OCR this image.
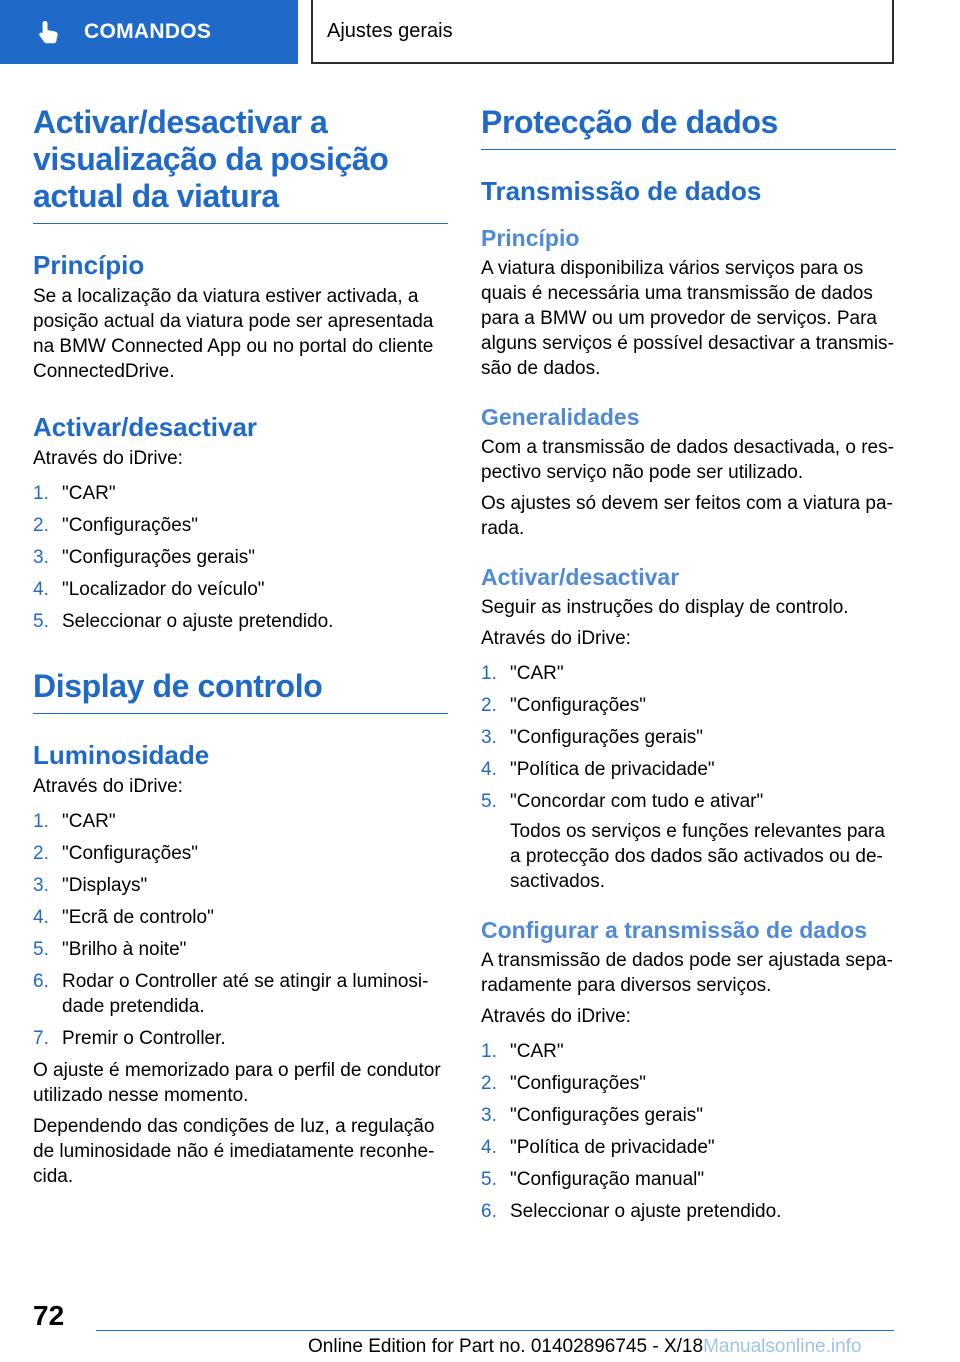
COMANDOS	Ajustes gerais
Activar/desactivar a visualização da posição actual da viatura
Princípio
Se a localização da viatura estiver activada, a posição actual da viatura pode ser apresentada na BMW Connected App ou no portal do cliente ConnectedDrive.
Activar/desactivar
Através do iDrive:
1 . "CAR"
2 . "Configurações"
3 . "Configurações gerais"
4 . "Localizador do veículo"
5 . Seleccionar o ajuste pretendido.
Display de controlo
Luminosidade
Através do iDrive:
1 . "CAR"
2 . "Configurações"
3 . "Displays"
4 . "Ecrã de controlo"
5 . "Brilho à noite"
6 . Rodar o Controller até se atingir a luminosidade pretendida.
7 . Premir o Controller.
O ajuste é memorizado para o perfil de condutor utilizado nesse momento.
Dependendo das condições de luz, a regulação de luminosidade não é imediatamente reconhecida.
Protecção de dados
Transmissão de dados
Princípio
A viatura disponibiliza vários serviços para os quais é necessária uma transmissão de dados para a BMW ou um provedor de serviços. Para alguns serviços é possível desactivar a transmissão de dados.
Generalidades
Com a transmissão de dados desactivada, o respectivo serviço não pode ser utilizado.
Os ajustes só devem ser feitos com a viatura parada.
Activar/desactivar
Seguir as instruções do display de controlo.
Através do iDrive:
1 . "CAR"
2 . "Configurações"
3 . "Configurações gerais"
4 . "Política de privacidade"
5 . "Concordar com tudo e ativar"
Todos os serviços e funções relevantes para a protecção dos dados são activados ou desactivados.
Configurar a transmissão de dados
A transmissão de dados pode ser ajustada separadamente para diversos serviços.
Através do iDrive:
1 . "CAR"
2 . "Configurações"
3 . "Configurações gerais"
4 . "Política de privacidade"
5 . "Configuração manual"
6 . Seleccionar o ajuste pretendido.
72
Online Edition for Part no. 01402896745 - X/18Manualsonline.info
